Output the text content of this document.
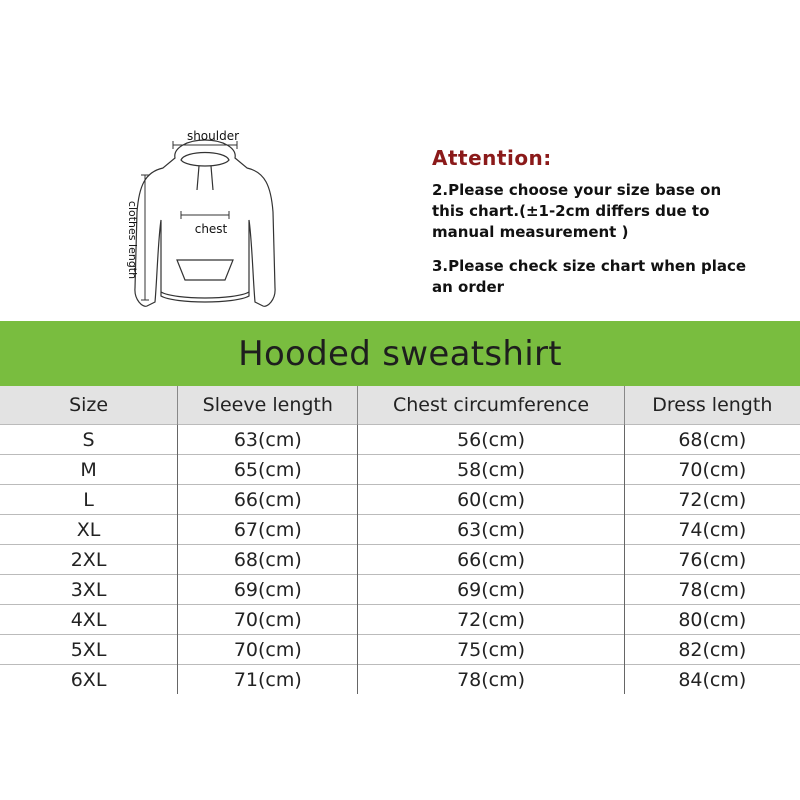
shoulder
chest
clothes length
Attention:
2.Please choose your size base on this chart.(±1-2cm differs due to manual measurement )
3.Please check size chart when place an order
Hooded sweatshirt
Size	Sleeve length	Chest circumference	Dress length
S	63(cm)	56(cm)	68(cm)
M	65(cm)	58(cm)	70(cm)
L	66(cm)	60(cm)	72(cm)
XL	67(cm)	63(cm)	74(cm)
2XL	68(cm)	66(cm)	76(cm)
3XL	69(cm)	69(cm)	78(cm)
4XL	70(cm)	72(cm)	80(cm)
5XL	70(cm)	75(cm)	82(cm)
6XL	71(cm)	78(cm)	84(cm)
